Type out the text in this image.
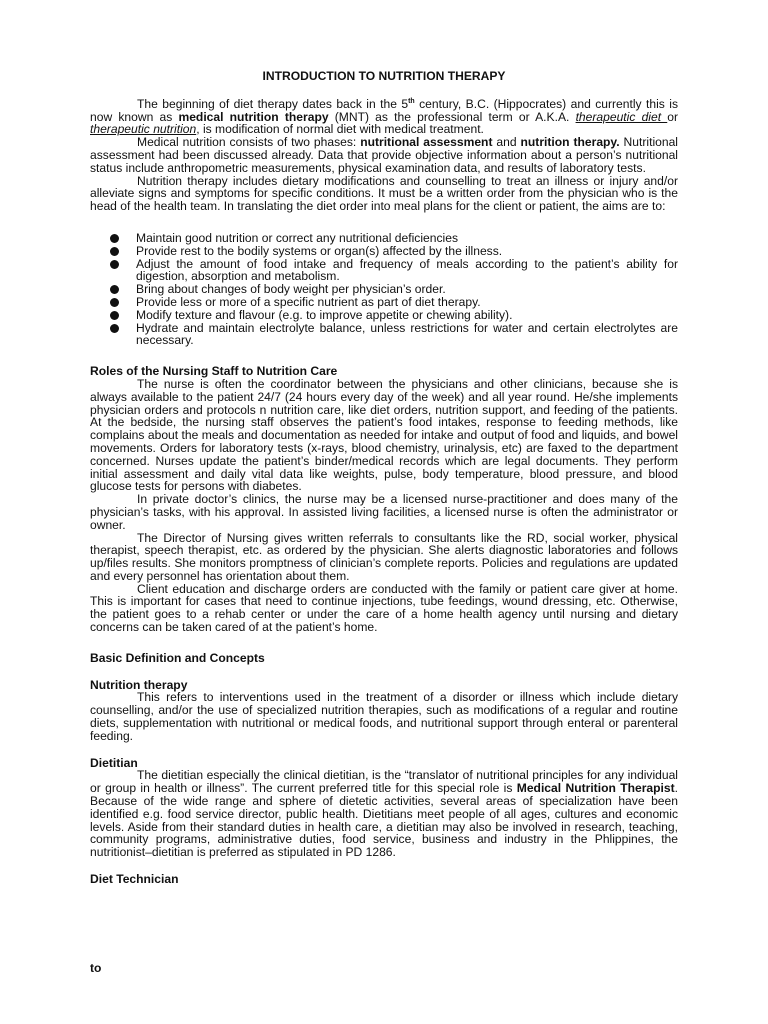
INTRODUCTION TO NUTRITION THERAPY

The beginning of diet therapy dates back in the 5th century, B.C. (Hippocrates) and currently this is now known as medical nutrition therapy (MNT) as the professional term or A.K.A. therapeutic diet or therapeutic nutrition, is modification of normal diet with medical treatment.

Medical nutrition consists of two phases: nutritional assessment and nutrition therapy. Nutritional assessment had been discussed already. Data that provide objective information about a person’s nutritional status include anthropometric measurements, physical examination data, and results of laboratory tests.

Nutrition therapy includes dietary modifications and counselling to treat an illness or injury and/or alleviate signs and symptoms for specific conditions. It must be a written order from the physician who is the head of the health team. In translating the diet order into meal plans for the client or patient, the aims are to:

Maintain good nutrition or correct any nutritional deficiencies
Provide rest to the bodily systems or organ(s) affected by the illness.
Adjust the amount of food intake and frequency of meals according to the patient’s ability for digestion, absorption and metabolism.
Bring about changes of body weight per physician’s order.
Provide less or more of a specific nutrient as part of diet therapy.
Modify texture and flavour (e.g. to improve appetite or chewing ability).
Hydrate and maintain electrolyte balance, unless restrictions for water and certain electrolytes are necessary.
Roles of the Nursing Staff to Nutrition Care

The nurse is often the coordinator between the physicians and other clinicians, because she is always available to the patient 24/7 (24 hours every day of the week) and all year round. He/she implements physician orders and protocols n nutrition care, like diet orders, nutrition support, and feeding of the patients. At the bedside, the nursing staff observes the patient’s food intakes, response to feeding methods, like complains about the meals and documentation as needed for intake and output of food and liquids, and bowel movements. Orders for laboratory tests (x-rays, blood chemistry, urinalysis, etc) are faxed to the department concerned. Nurses update the patient’s binder/medical records which are legal documents. They perform initial assessment and daily vital data like weights, pulse, body temperature, blood pressure, and blood glucose tests for persons with diabetes.

In private doctor’s clinics, the nurse may be a licensed nurse-practitioner and does many of the physician’s tasks, with his approval. In assisted living facilities, a licensed nurse is often the administrator or owner.

The Director of Nursing gives written referrals to consultants like the RD, social worker, physical therapist, speech therapist, etc. as ordered by the physician. She alerts diagnostic laboratories and follows up/files results. She monitors promptness of clinician’s complete reports. Policies and regulations are updated and every personnel has orientation about them.

Client education and discharge orders are conducted with the family or patient care giver at home. This is important for cases that need to continue injections, tube feedings, wound dressing, etc. Otherwise, the patient goes to a rehab center or under the care of a home health agency until nursing and dietary concerns can be taken cared of at the patient’s home.

Basic Definition and Concepts
Nutrition therapy

This refers to interventions used in the treatment of a disorder or illness which include dietary counselling, and/or the use of specialized nutrition therapies, such as modifications of a regular and routine diets, supplementation with nutritional or medical foods, and nutritional support through enteral or parenteral feeding.

Dietitian

The dietitian especially the clinical dietitian, is the “translator of nutritional principles for any individual or group in health or illness”. The current preferred title for this special role is Medical Nutrition Therapist. Because of the wide range and sphere of dietetic activities, several areas of specialization have been identified e.g. food service director, public health. Dietitians meet people of all ages, cultures and economic levels. Aside from their standard duties in health care, a dietitian may also be involved in research, teaching, community programs, administrative duties, food service, business and industry in the Phlippines, the nutritionist–dietitian is preferred as stipulated in PD 1286.

Diet Technician
to
